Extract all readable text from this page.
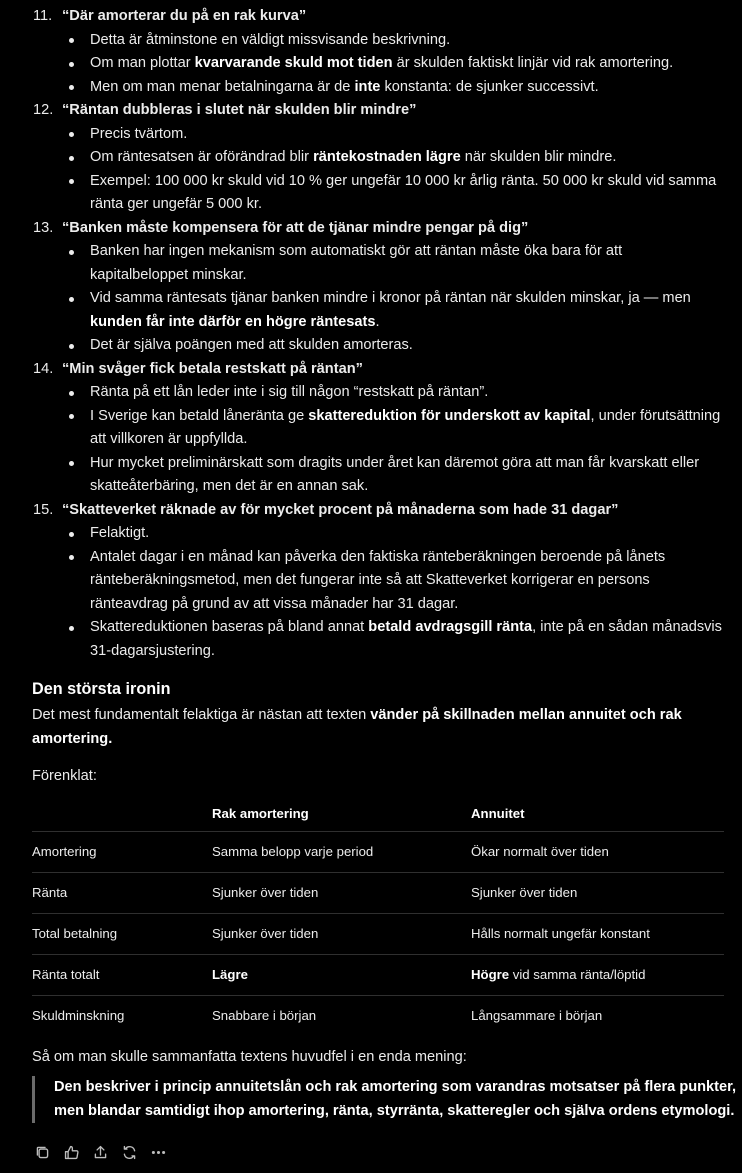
11. “Där amorterar du på en rak kurva”
Detta är åtminstone en väldigt missvisande beskrivning.
Om man plottar kvarvarande skuld mot tiden är skulden faktiskt linjär vid rak amortering.
Men om man menar betalningarna är de inte konstanta: de sjunker successivt.
12. “Räntan dubbleras i slutet när skulden blir mindre”
Precis tvärtom.
Om räntesatsen är oförändrad blir räntekostnaden lägre när skulden blir mindre.
Exempel: 100 000 kr skuld vid 10 % ger ungefär 10 000 kr årlig ränta. 50 000 kr skuld vid samma ränta ger ungefär 5 000 kr.
13. “Banken måste kompensera för att de tjänar mindre pengar på dig”
Banken har ingen mekanism som automatiskt gör att räntan måste öka bara för att kapitalbeloppet minskar.
Vid samma räntesats tjänar banken mindre i kronor på räntan när skulden minskar, ja — men kunden får inte därför en högre räntesats.
Det är själva poängen med att skulden amorteras.
14. “Min svåger fick betala restskatt på räntan”
Ränta på ett lån leder inte i sig till någon “restskatt på räntan”.
I Sverige kan betald låneränta ge skattereduktion för underskott av kapital, under förutsättning att villkoren är uppfyllda.
Hur mycket preliminärskatt som dragits under året kan däremot göra att man får kvarskatt eller skatteåterbäring, men det är en annan sak.
15. “Skatteverket räknade av för mycket procent på månaderna som hade 31 dagar”
Felaktigt.
Antalet dagar i en månad kan påverka den faktiska ränteberäkningen beroende på lånets ränteberäkningsmetod, men det fungerar inte så att Skatteverket korrigerar en persons ränteavdrag på grund av att vissa månader har 31 dagar.
Skattereduktionen baseras på bland annat betald avdragsgill ränta, inte på en sådan månadsvis 31-dagarsjustering.
Den största ironin
Det mest fundamentalt felaktiga är nästan att texten vänder på skillnaden mellan annuitet och rak amortering.
Förenklat:
	Rak amortering	Annuitet
Amortering	Samma belopp varje period	Ökar normalt över tiden
Ränta	Sjunker över tiden	Sjunker över tiden
Total betalning	Sjunker över tiden	Hålls normalt ungefär konstant
Ränta totalt	Lägre	Högre vid samma ränta/löptid
Skuldminskning	Snabbare i början	Långsammare i början
Så om man skulle sammanfatta textens huvudfel i en enda mening:
Den beskriver i princip annuitetslån och rak amortering som varandras motsatser på flera punkter, men blandar samtidigt ihop amortering, ränta, styrränta, skatteregler och själva ordens etymologi.
